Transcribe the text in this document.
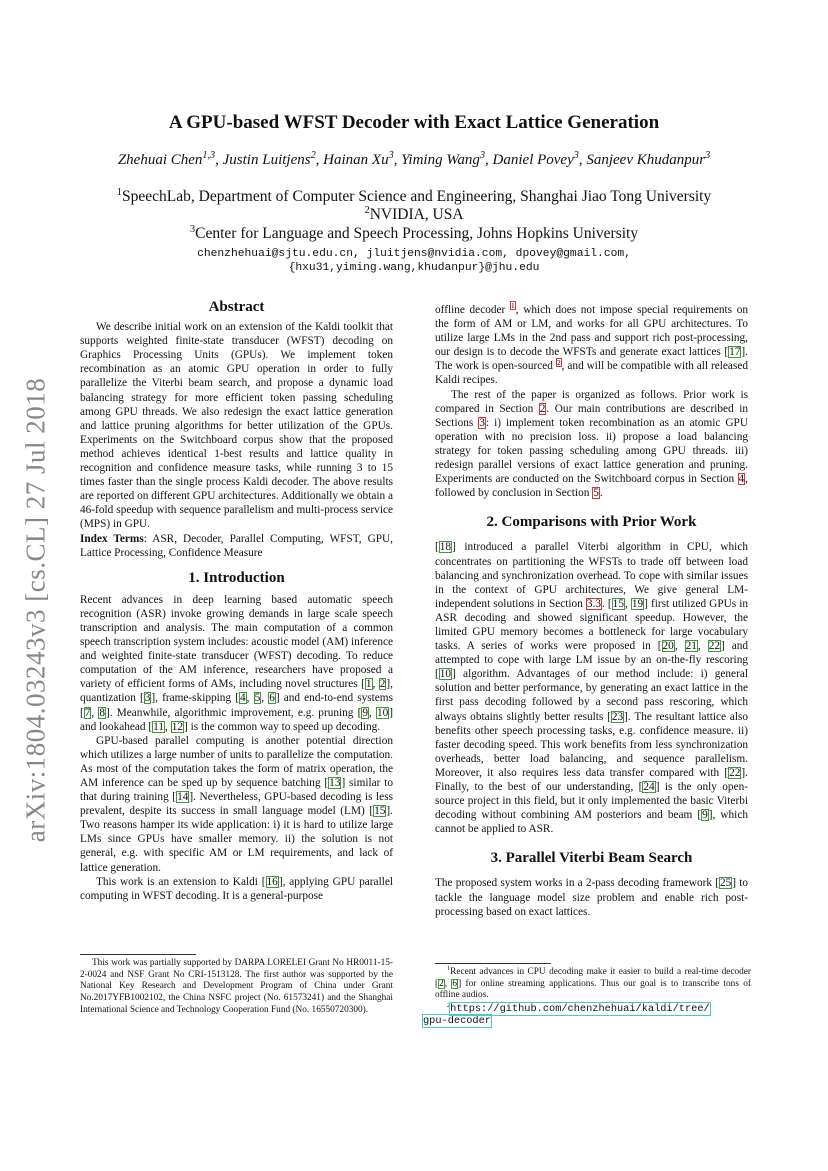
arXiv:1804.03243v3 [cs.CL] 27 Jul 2018
A GPU-based WFST Decoder with Exact Lattice Generation
Zhehuai Chen$^{1,3}$, Justin Luitjens$^2$, Hainan Xu$^3$, Yiming Wang$^3$, Daniel Povey$^3$, Sanjeev Khudanpur$^3$
$^1$SpeechLab, Department of Computer Science and Engineering, Shanghai Jiao Tong University
$^2$NVIDIA, USA
$^3$Center for Language and Speech Processing, Johns Hopkins University
chenzhehuai@sjtu.edu.cn, jluitjens@nvidia.com, dpovey@gmail.com,
{hxu31,yiming.wang,khudanpur}@jhu.edu
Abstract

We describe initial work on an extension of the Kaldi toolkit that supports weighted finite-state transducer (WFST) decoding on Graphics Processing Units (GPUs). We implement token recombination as an atomic GPU operation in order to fully parallelize the Viterbi beam search, and propose a dynamic load balancing strategy for more efficient token passing scheduling among GPU threads. We also redesign the exact lattice generation and lattice pruning algorithms for better utilization of the GPUs. Experiments on the Switchboard corpus show that the proposed method achieves identical 1-best results and lattice quality in recognition and confidence measure tasks, while running 3 to 15 times faster than the single process Kaldi decoder. The above results are reported on different GPU architectures. Additionally we obtain a 46-fold speedup with sequence parallelism and multi-process service (MPS) in GPU.

Index Terms: ASR, Decoder, Parallel Computing, WFST, GPU, Lattice Processing, Confidence Measure

1. Introduction

Recent advances in deep learning based automatic speech recognition (ASR) invoke growing demands in large scale speech transcription and analysis. The main computation of a common speech transcription system includes: acoustic model (AM) inference and weighted finite-state transducer (WFST) decoding. To reduce computation of the AM inference, researchers have proposed a variety of efficient forms of AMs, including novel structures [1, 2], quantization [3], frame-skipping [4, 5, 6] and end-to-end systems [7, 8]. Meanwhile, algorithmic improvement, e.g. pruning [9, 10] and lookahead [11, 12] is the common way to speed up decoding.

GPU-based parallel computing is another potential direction which utilizes a large number of units to parallelize the computation. As most of the computation takes the form of matrix operation, the AM inference can be sped up by sequence batching [13] similar to that during training [14]. Nevertheless, GPU-based decoding is less prevalent, despite its success in small language model (LM) [15]. Two reasons hamper its wide application: i) it is hard to utilize large LMs since GPUs have smaller memory. ii) the solution is not general, e.g. with specific AM or LM requirements, and lack of lattice generation.

This work is an extension to Kaldi [16], applying GPU parallel computing in WFST decoding. It is a general-purpose

This work was partially supported by DARPA LORELEI Grant No HR0011-15-2-0024 and NSF Grant No CRI-1513128. The first author was supported by the National Key Research and Development Program of China under Grant No.2017YFB1002102, the China NSFC project (No. 61573241) and the Shanghai International Science and Technology Cooperation Fund (No. 16550720300).

offline decoder $^1$, which does not impose special requirements on the form of AM or LM, and works for all GPU architectures. To utilize large LMs in the 2nd pass and support rich post-processing, our design is to decode the WFSTs and generate exact lattices [17]. The work is open-sourced $^2$, and will be compatible with all released Kaldi recipes.

The rest of the paper is organized as follows. Prior work is compared in Section 2. Our main contributions are described in Sections 3: i) implement token recombination as an atomic GPU operation with no precision loss. ii) propose a load balancing strategy for token passing scheduling among GPU threads. iii) redesign parallel versions of exact lattice generation and pruning. Experiments are conducted on the Switchboard corpus in Section 4, followed by conclusion in Section 5.

2. Comparisons with Prior Work

[18] introduced a parallel Viterbi algorithm in CPU, which concentrates on partitioning the WFSTs to trade off between load balancing and synchronization overhead. To cope with similar issues in the context of GPU architectures, We give general LM-independent solutions in Section 3.3. [15, 19] first utilized GPUs in ASR decoding and showed significant speedup. However, the limited GPU memory becomes a bottleneck for large vocabulary tasks. A series of works were proposed in [20, 21, 22] and attempted to cope with large LM issue by an on-the-fly rescoring [10] algorithm. Advantages of our method include: i) general solution and better performance, by generating an exact lattice in the first pass decoding followed by a second pass rescoring, which always obtains slightly better results [23]. The resultant lattice also benefits other speech processing tasks, e.g. confidence measure. ii) faster decoding speed. This work benefits from less synchronization overheads, better load balancing, and sequence parallelism. Moreover, it also requires less data transfer compared with [22]. Finally, to the best of our understanding, [24] is the only open-source project in this field, but it only implemented the basic Viterbi decoding without combining AM posteriors and beam [9], which cannot be applied to ASR.

3. Parallel Viterbi Beam Search

The proposed system works in a 2-pass decoding framework [25] to tackle the language model size problem and enable rich post-processing based on exact lattices.

$^1$Recent advances in CPU decoding make it easier to build a real-time decoder [2, 6] for online streaming applications. Thus our goal is to transcribe tons of offline audios.

$^2$https://github.com/chenzhehuai/kaldi/tree/
gpu-decoder
